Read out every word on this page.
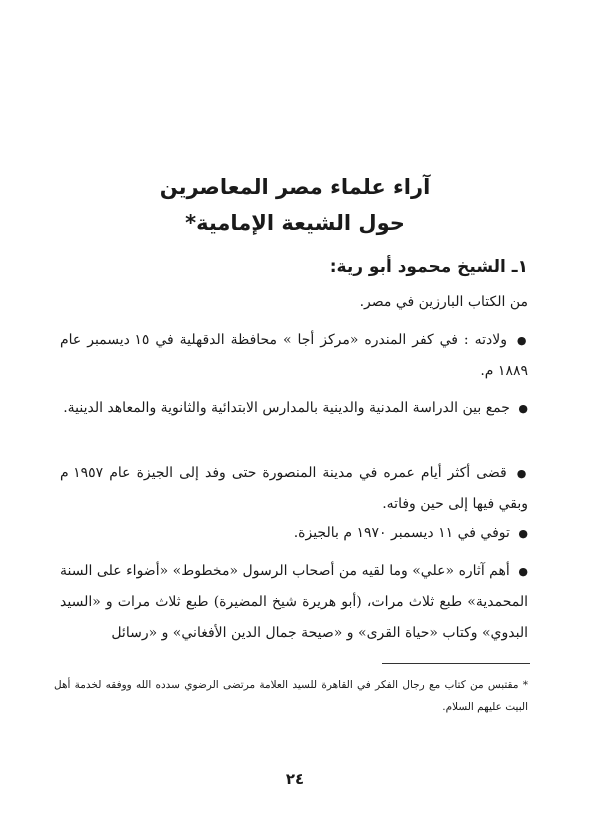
آراء علماء مصر المعاصرين
حول الشيعة الإمامية*
١ـ الشيخ محمود أبو رية:
من الكتاب البارزين في مصر.
● ولادته : في كفر المندره «مركز أجا » محافظة الدقهلية في ١٥ ديسمبر عام ١٨٨٩ م.
● جمع بين الدراسة المدنية والدينية بالمدارس الابتدائية والثانوية والمعاهد الدينية.
● قضى أكثر أيام عمره في مدينة المنصورة حتى وفد إلى الجيزة عام ١٩٥٧ م وبقي فيها إلى حين وفاته.
● توفي في ١١ ديسمبر ١٩٧٠ م بالجيزة.
● أهم آثاره «علي» وما لقيه من أصحاب الرسول «مخطوط» «أضواء على السنة المحمدية» طبع ثلاث مرات، (أبو هريرة شيخ المضيرة) طبع ثلاث مرات و «السيد البدوي» وكتاب «حياة القرى» و «صيحة جمال الدين الأفغاني» و «رسائل
* مقتبس من كتاب مع رجال الفكر في القاهرة للسيد العلامة مرتضى الرضوي سدده الله ووفقه لخدمة أهل البيت عليهم السلام.
٢٤
